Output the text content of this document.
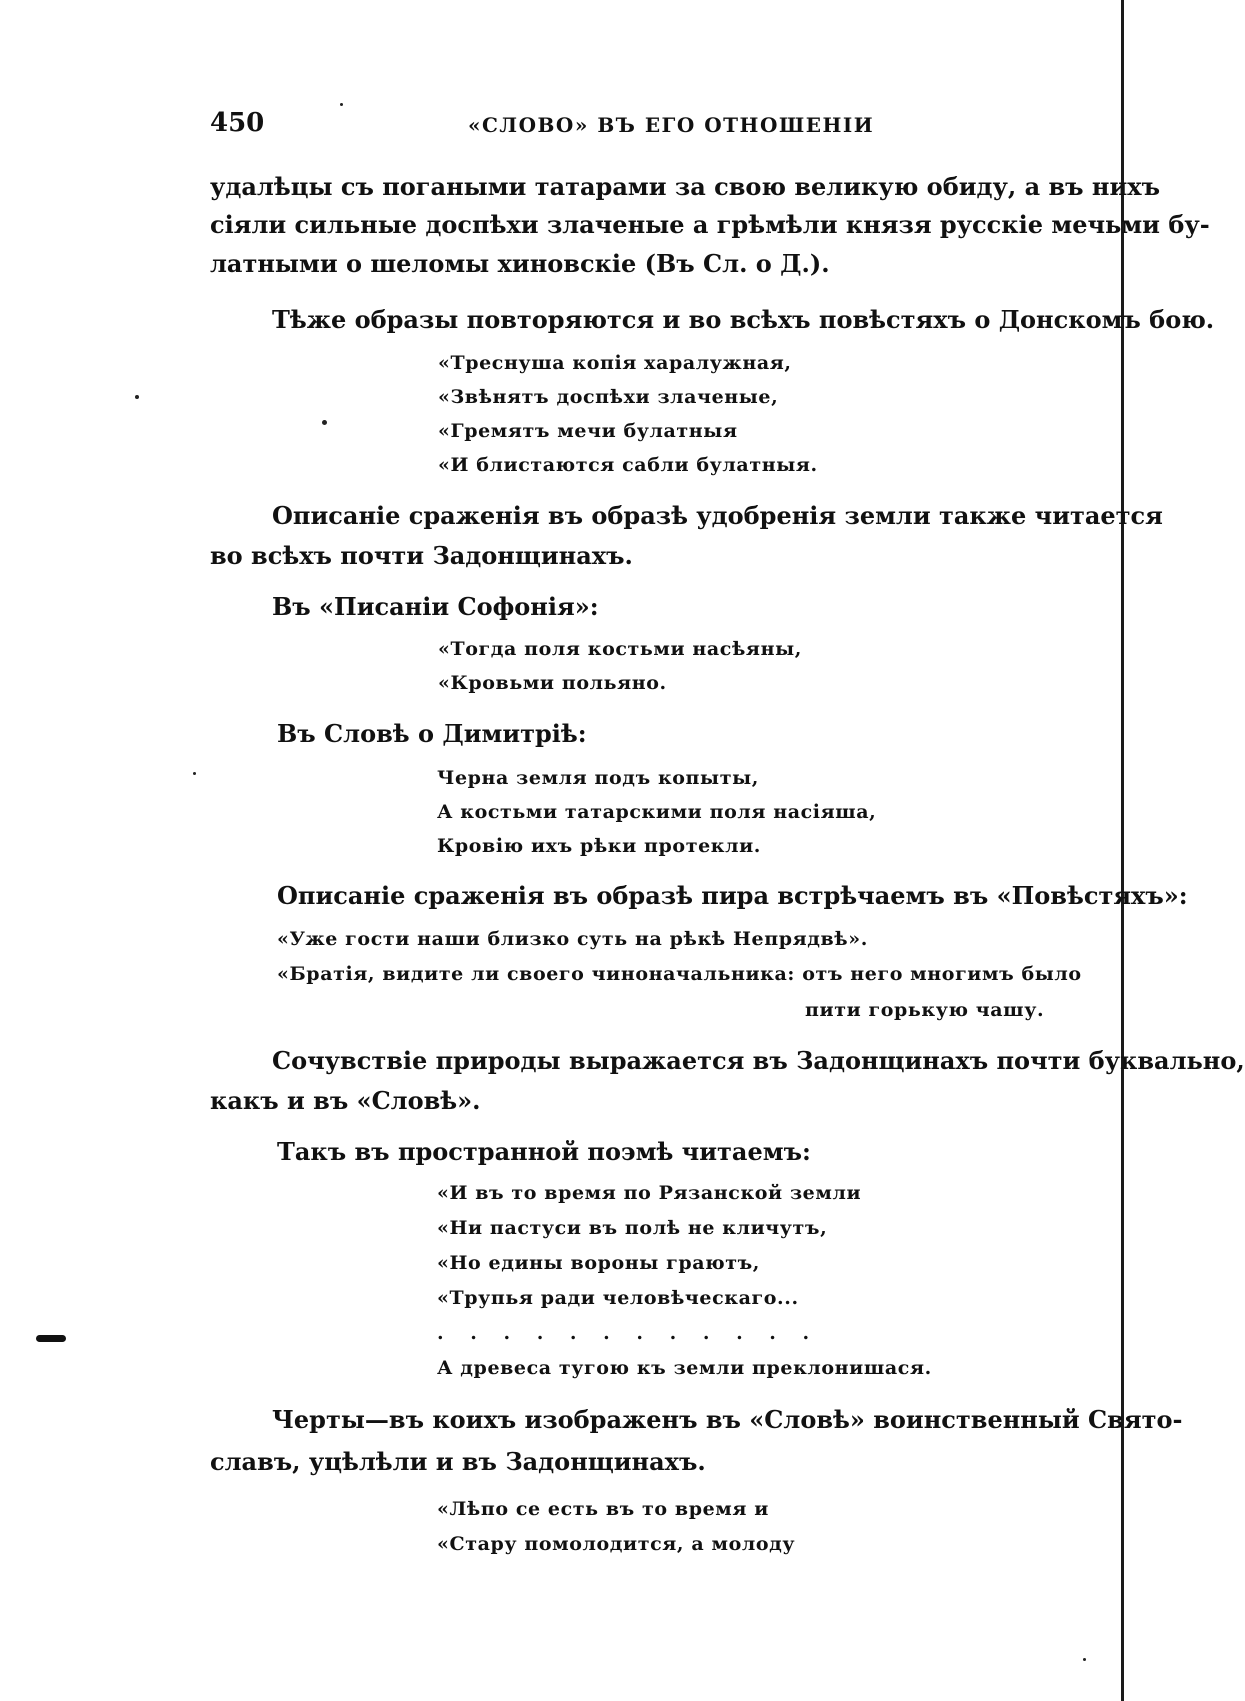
450	«СЛОВО» ВЪ ЕГО ОТНОШЕНІИ
удалѣцы съ погаными татарами за свою великую обиду, а въ нихъ
сіяли сильные доспѣхи злаченые а грѣмѣли князя русскіе мечьми бу-
латными о шеломы хиновскіе (Въ Сл. о Д.).
Тѣже образы повторяются и во всѣхъ повѣстяхъ о Донскомъ бою.
«Треснуша копія харалужная,
«Звѣнятъ доспѣхи злаченые,
«Гремятъ мечи булатныя
«И блистаются сабли булатныя.
Описаніе сраженія въ образѣ удобренія земли также читается
во всѣхъ почти Задонщинахъ.
Въ «Писаніи Софонія»:
«Тогда поля костьми насѣяны,
«Кровьми польяно.
Въ Словѣ о Димитріѣ:
Черна земля подъ копыты,
А костьми татарскими поля насіяша,
Кровію ихъ рѣки протекли.
Описаніе сраженія въ образѣ пира встрѣчаемъ въ «Повѣстяхъ»:
«Уже гости наши близко суть на рѣкѣ Непрядвѣ».
«Братія, видите ли своего чиноначальника: отъ него многимъ было
пити горькую чашу.
Сочувствіе природы выражается въ Задонщинахъ почти буквально,
какъ и въ «Словѣ».
Такъ въ пространной поэмѣ читаемъ:
«И въ то время по Рязанской земли
«Ни пастуси въ полѣ не кличутъ,
«Но едины вороны граютъ,
«Трупья ради человѣческаго...
. . . . . . . . . . . .
А древеса тугою къ земли преклонишася.
Черты—въ коихъ изображенъ въ «Словѣ» воинственный Свято-
славъ, уцѣлѣли и въ Задонщинахъ.
«Лѣпо се есть въ то время и
«Стару помолодится, а молоду
